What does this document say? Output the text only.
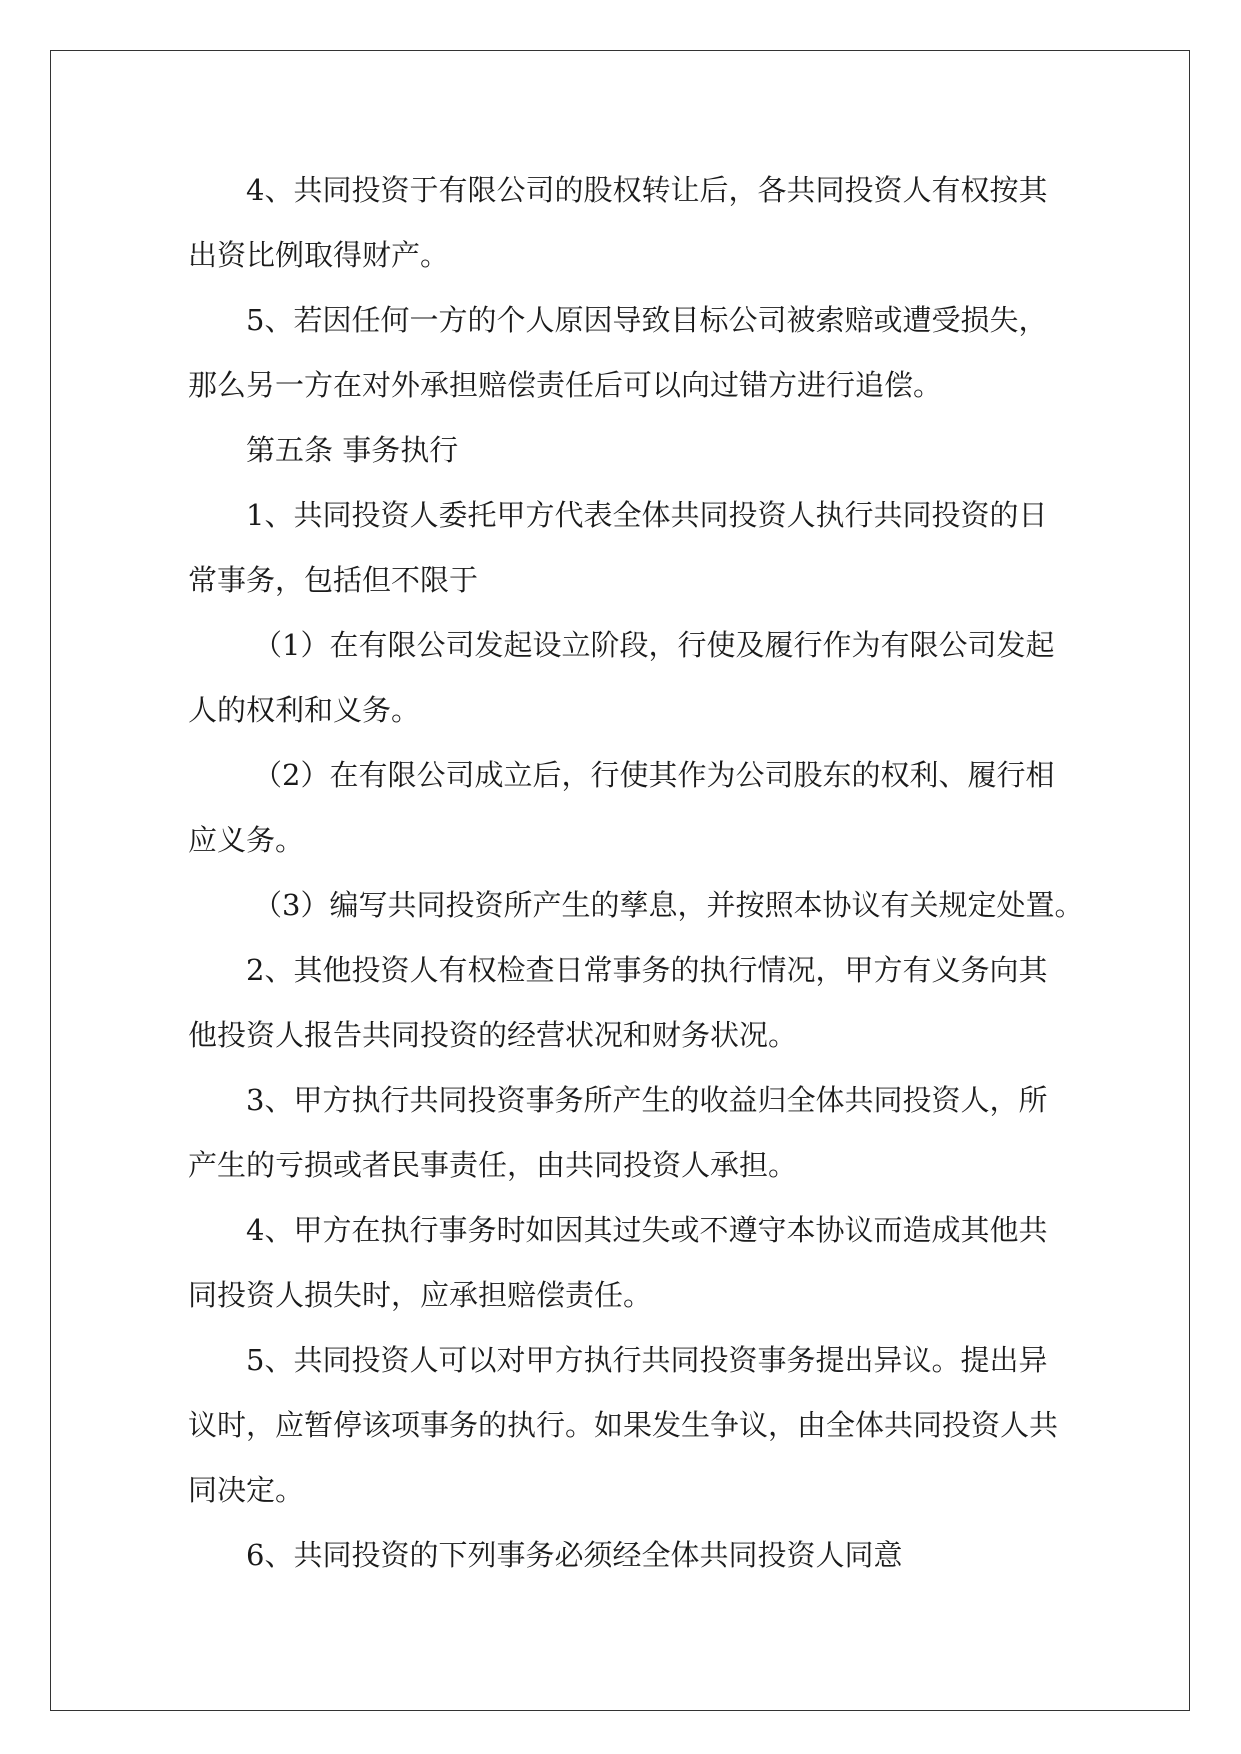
4、共同投资于有限公司的股权转让后，各共同投资人有权按其
出资比例取得财产。
5、若因任何一方的个人原因导致目标公司被索赔或遭受损失，
那么另一方在对外承担赔偿责任后可以向过错方进行追偿。
第五条 事务执行
1、共同投资人委托甲方代表全体共同投资人执行共同投资的日
常事务，包括但不限于
（1）在有限公司发起设立阶段，行使及履行作为有限公司发起
人的权利和义务。
（2）在有限公司成立后，行使其作为公司股东的权利、履行相
应义务。
（3）编写共同投资所产生的孳息，并按照本协议有关规定处置。
2、其他投资人有权检查日常事务的执行情况，甲方有义务向其
他投资人报告共同投资的经营状况和财务状况。
3、甲方执行共同投资事务所产生的收益归全体共同投资人，所
产生的亏损或者民事责任，由共同投资人承担。
4、甲方在执行事务时如因其过失或不遵守本协议而造成其他共
同投资人损失时，应承担赔偿责任。
5、共同投资人可以对甲方执行共同投资事务提出异议。提出异
议时，应暂停该项事务的执行。如果发生争议，由全体共同投资人共
同决定。
6、共同投资的下列事务必须经全体共同投资人同意
